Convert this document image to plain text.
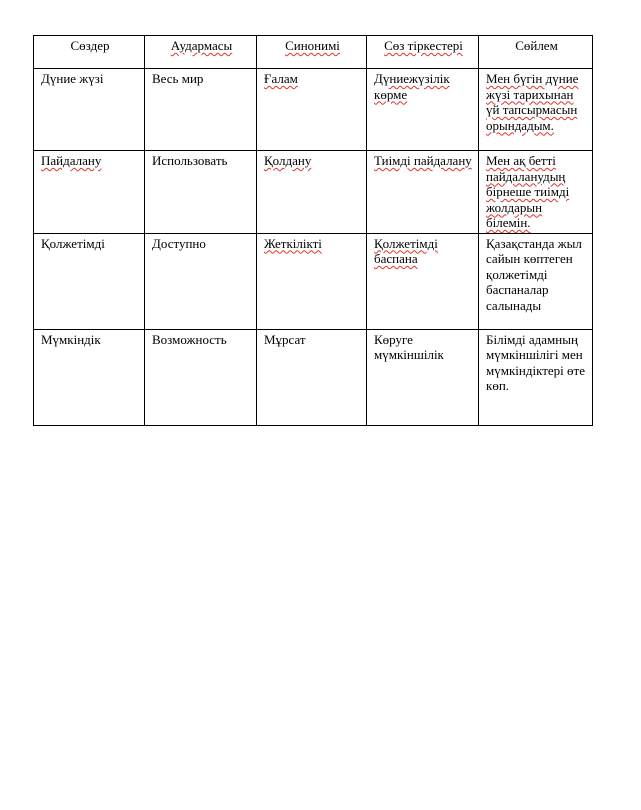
Сөздер	Аудармасы	Синонимі	Сөз тіркестері	Сөйлем
Дүние жүзі	Весь мир	Ғалам	Дүниежүзілік көрме	Мен бүгін дүние жүзі тарихынан үй тапсырмасын орындадым.
Пайдалану	Использовать	Қолдану	Тиімді пайдалану	Мен ақ бетті пайдаланудың бірнеше тиімді жолдарын білемін.
Қолжетімді	Доступно	Жеткілікті	Қолжетімді баспана	Қазақстанда жыл сайын көптеген қолжетімді баспаналар салынады
Мүмкіндік	Возможность	Мұрсат	Көруге мүмкіншілік	Білімді адамның мүмкіншілігі мен мүмкіндіктері өте көп.
